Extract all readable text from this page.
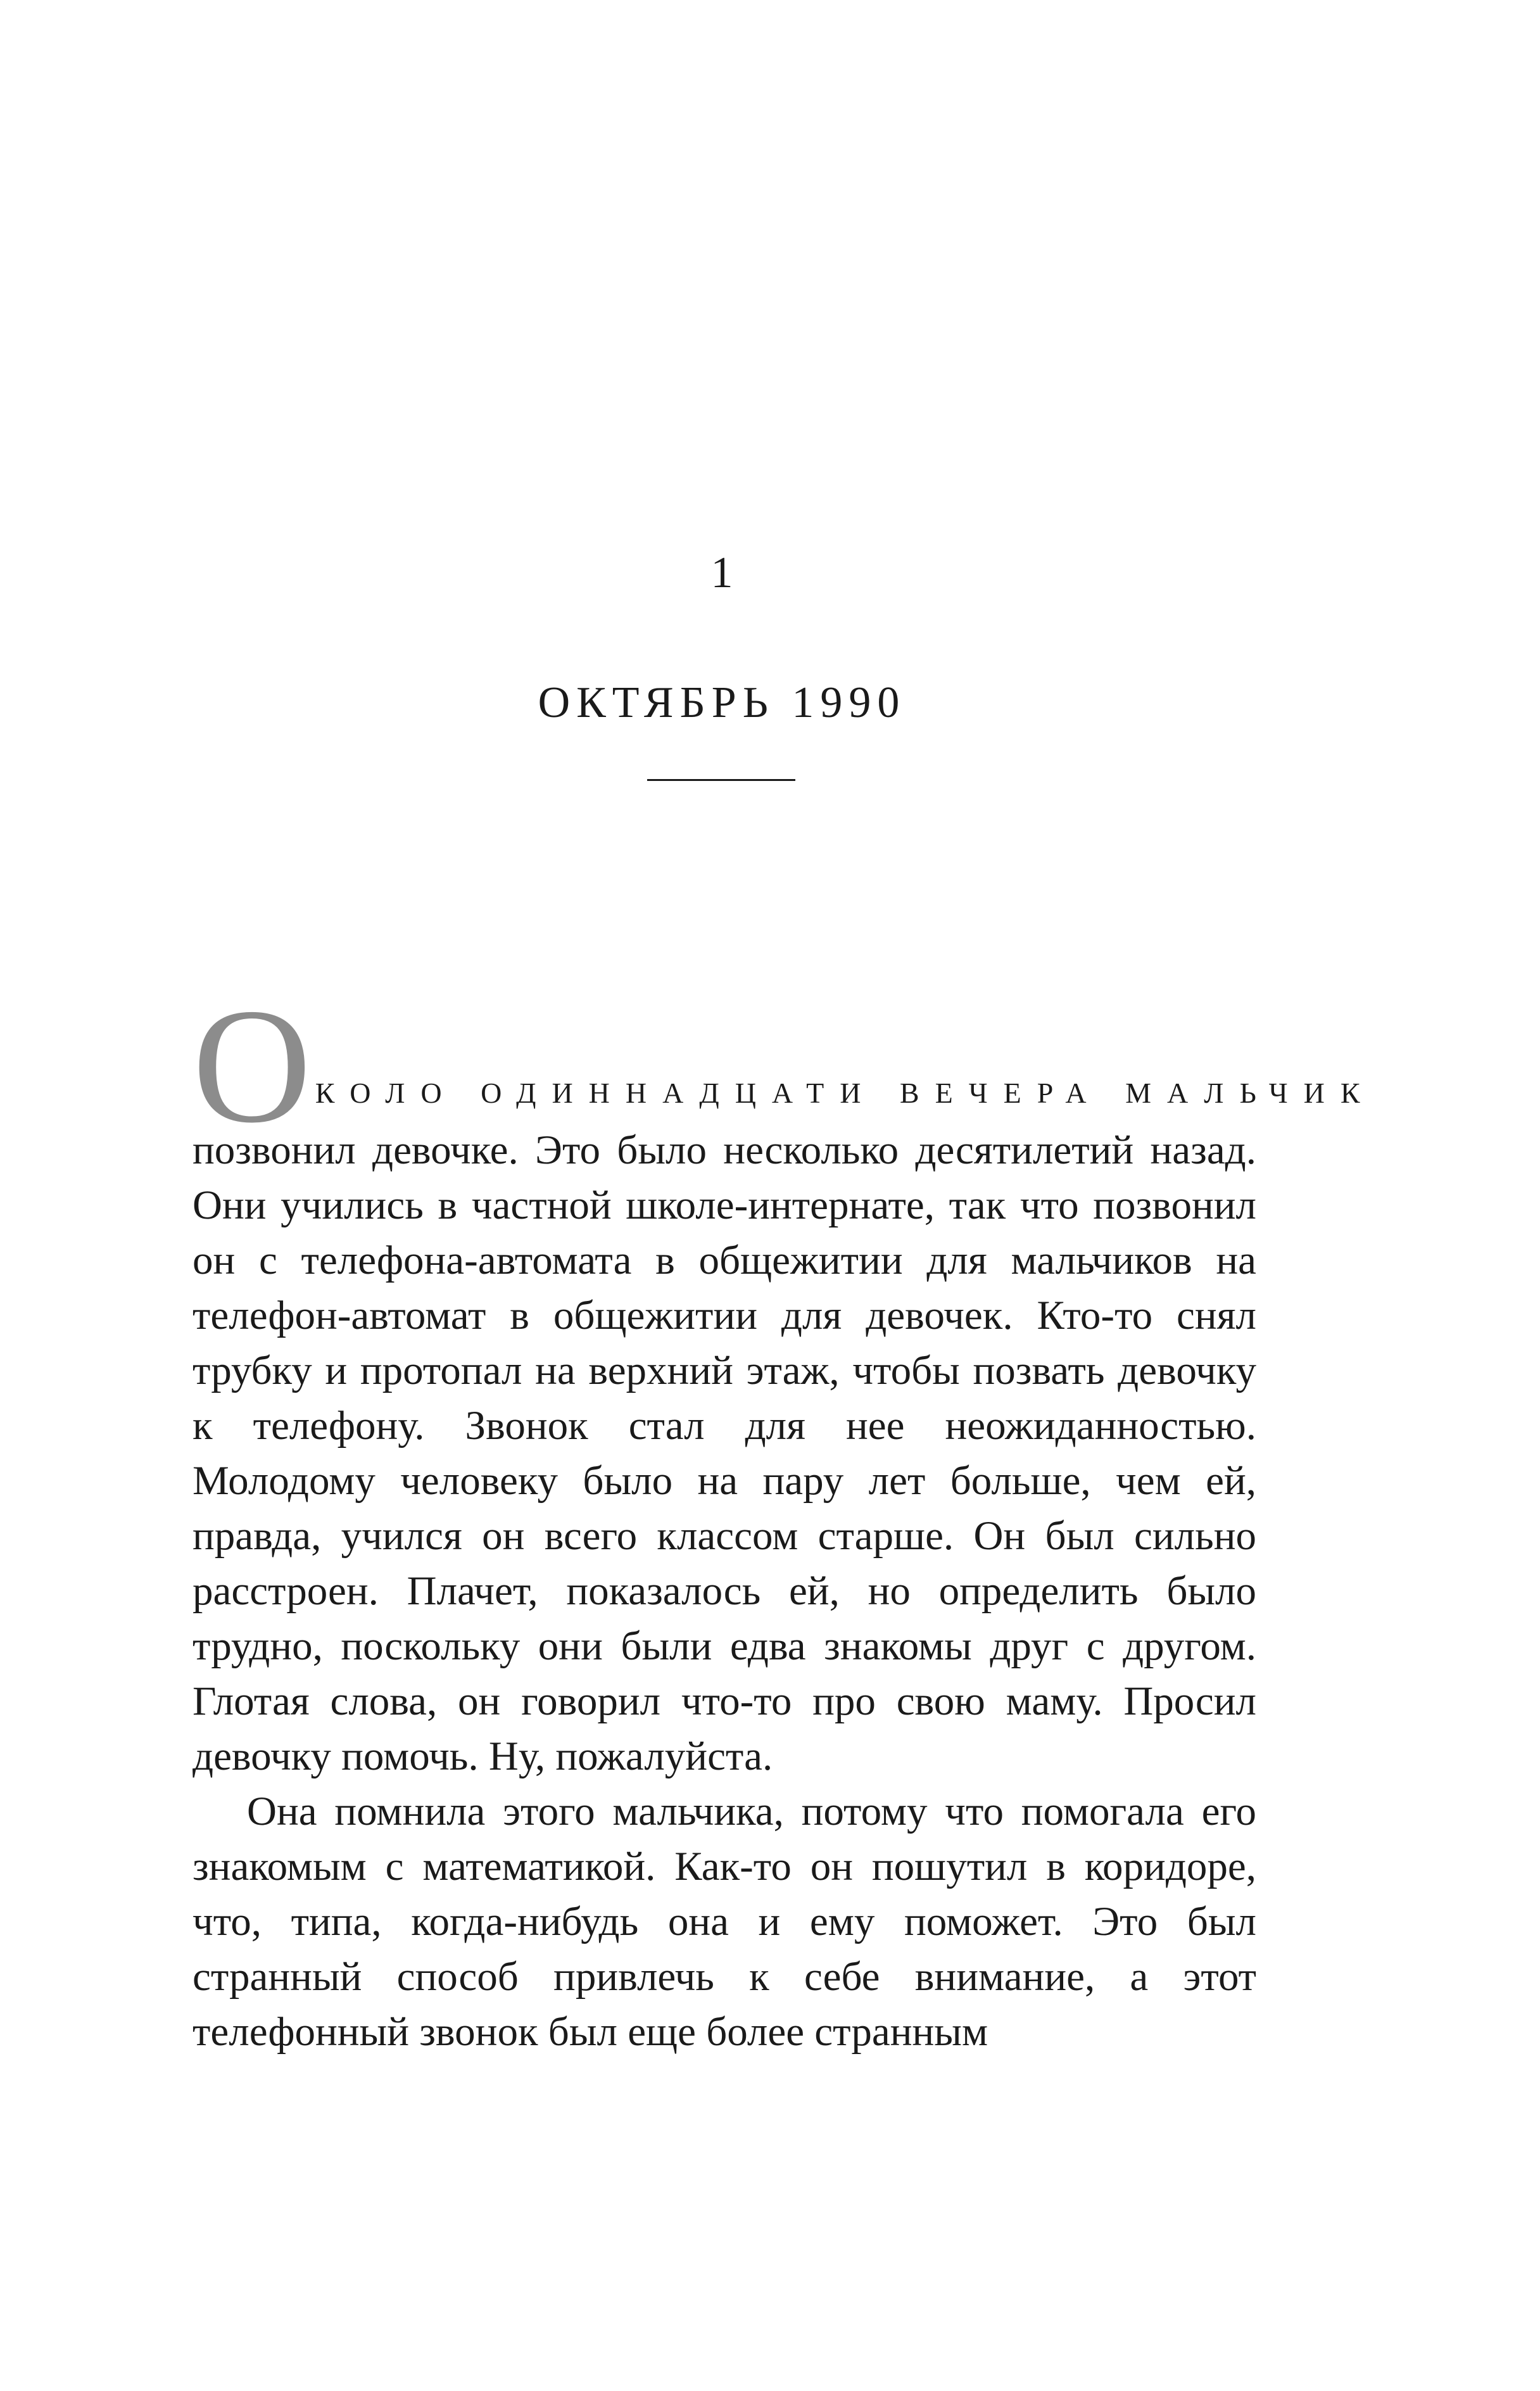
1
ОКТЯБРЬ 1990
О КОЛО ОДИННАДЦАТИ ВЕЧЕРА МАЛЬЧИК

позвонил девочке. Это было несколько десятилетий назад. Они учились в частной школе-интернате, так что позвонил он с телефона-автомата в общежитии для мальчиков на телефон-автомат в общежитии для девочек. Кто-то снял трубку и протопал на верхний этаж, чтобы позвать девочку к телефону. Звонок стал для нее неожиданностью. Молодому человеку было на пару лет больше, чем ей, правда, учился он всего классом старше. Он был сильно расстроен. Плачет, показалось ей, но определить было трудно, поскольку они были едва знакомы друг с другом. Глотая слова, он говорил что-то про свою маму. Просил девочку помочь. Ну, пожалуйста.

Она помнила этого мальчика, потому что помогала его знакомым с математикой. Как-то он пошутил в коридоре, что, типа, когда-нибудь она и ему поможет. Это был странный способ привлечь к себе внимание, а этот телефонный звонок был еще более странным
